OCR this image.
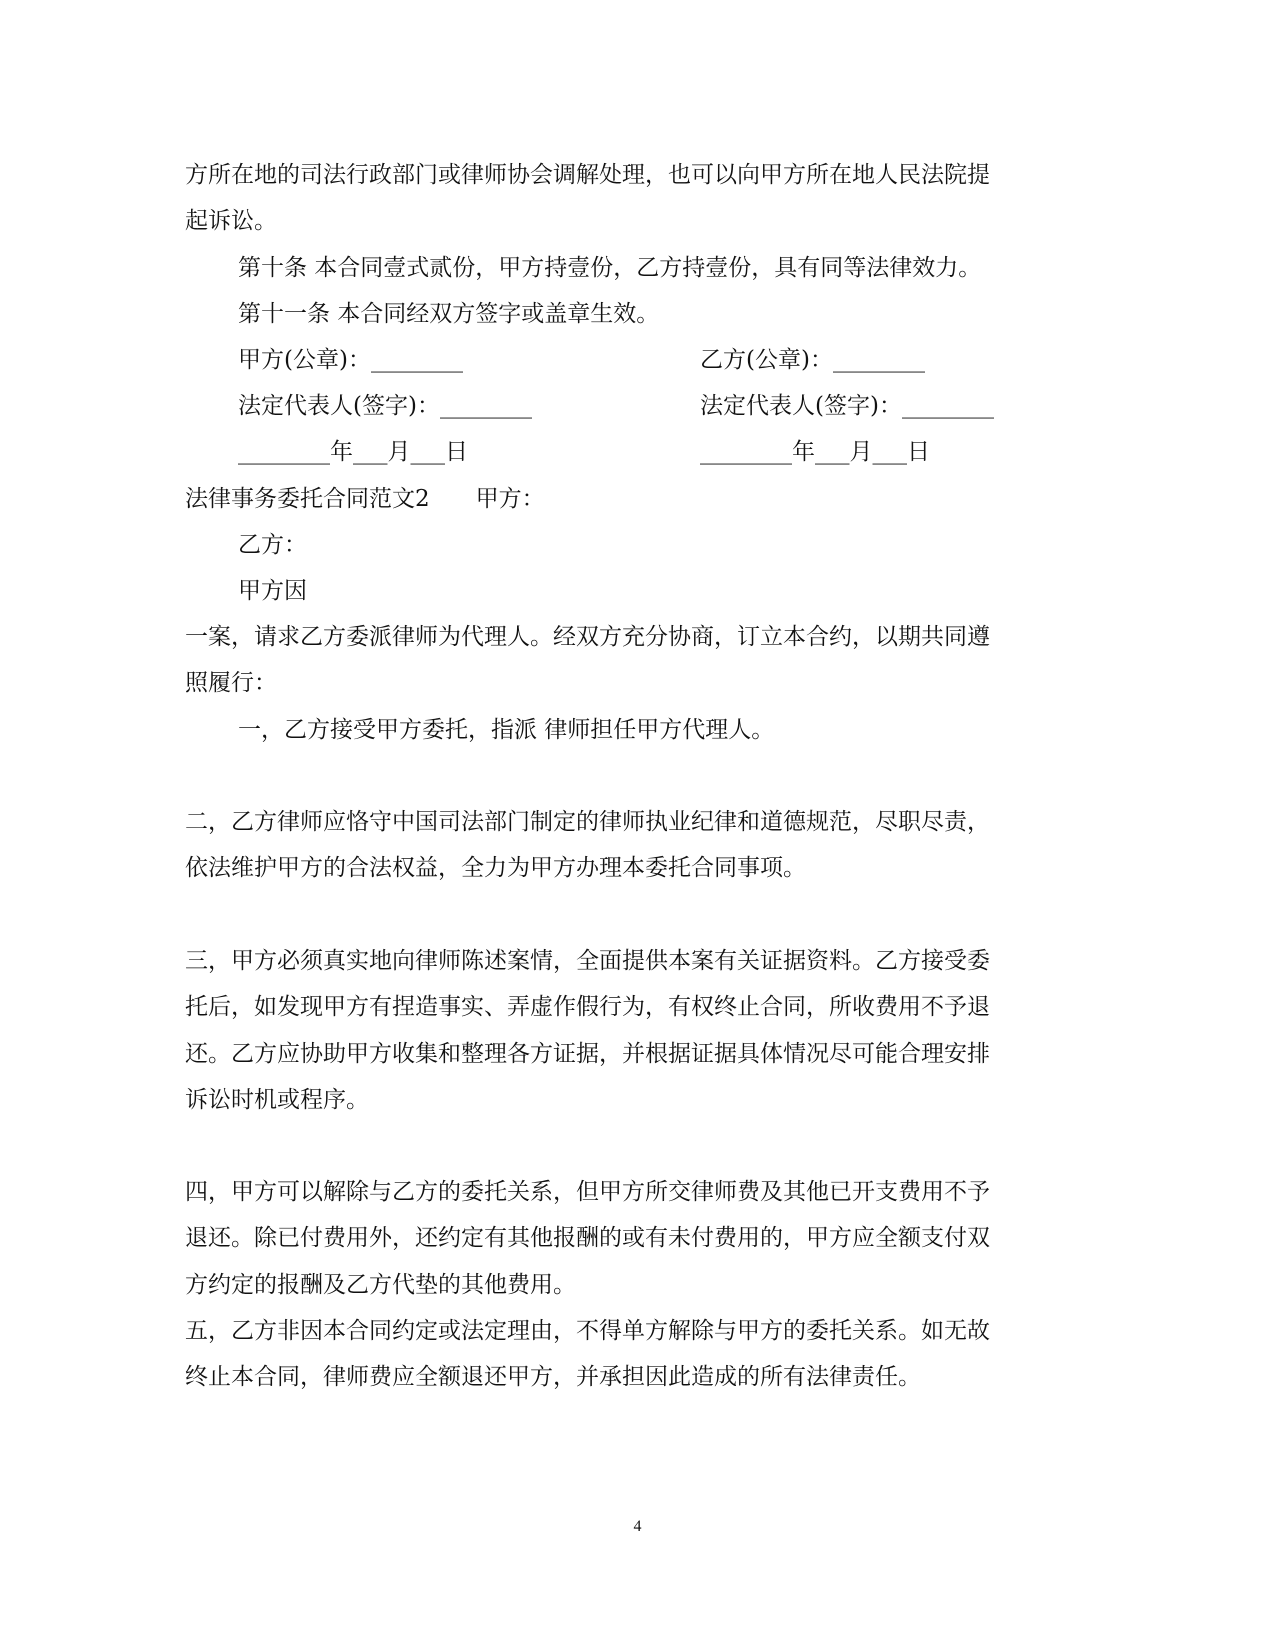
方所在地的司法行政部门或律师协会调解处理，也可以向甲方所在地人民法院提

起诉讼。

第十条 本合同壹式贰份，甲方持壹份，乙方持壹份，具有同等法律效力。

第十一条 本合同经双方签字或盖章生效。

甲方(公章)：________	乙方(公章)：________

法定代表人(签字)：________	法定代表人(签字)：________

________年___月___日	________年___月___日

法律事务委托合同范文2　　甲方：

乙方：

甲方因

一案，请求乙方委派律师为代理人。经双方充分协商，订立本合约，以期共同遵

照履行：

一，乙方接受甲方委托，指派 律师担任甲方代理人。

二，乙方律师应恪守中国司法部门制定的律师执业纪律和道德规范，尽职尽责，

依法维护甲方的合法权益，全力为甲方办理本委托合同事项。

三，甲方必须真实地向律师陈述案情，全面提供本案有关证据资料。乙方接受委

托后，如发现甲方有捏造事实、弄虚作假行为，有权终止合同，所收费用不予退

还。乙方应协助甲方收集和整理各方证据，并根据证据具体情况尽可能合理安排

诉讼时机或程序。

四，甲方可以解除与乙方的委托关系，但甲方所交律师费及其他已开支费用不予

退还。除已付费用外，还约定有其他报酬的或有未付费用的，甲方应全额支付双

方约定的报酬及乙方代垫的其他费用。

五，乙方非因本合同约定或法定理由，不得单方解除与甲方的委托关系。如无故

终止本合同，律师费应全额退还甲方，并承担因此造成的所有法律责任。

4
